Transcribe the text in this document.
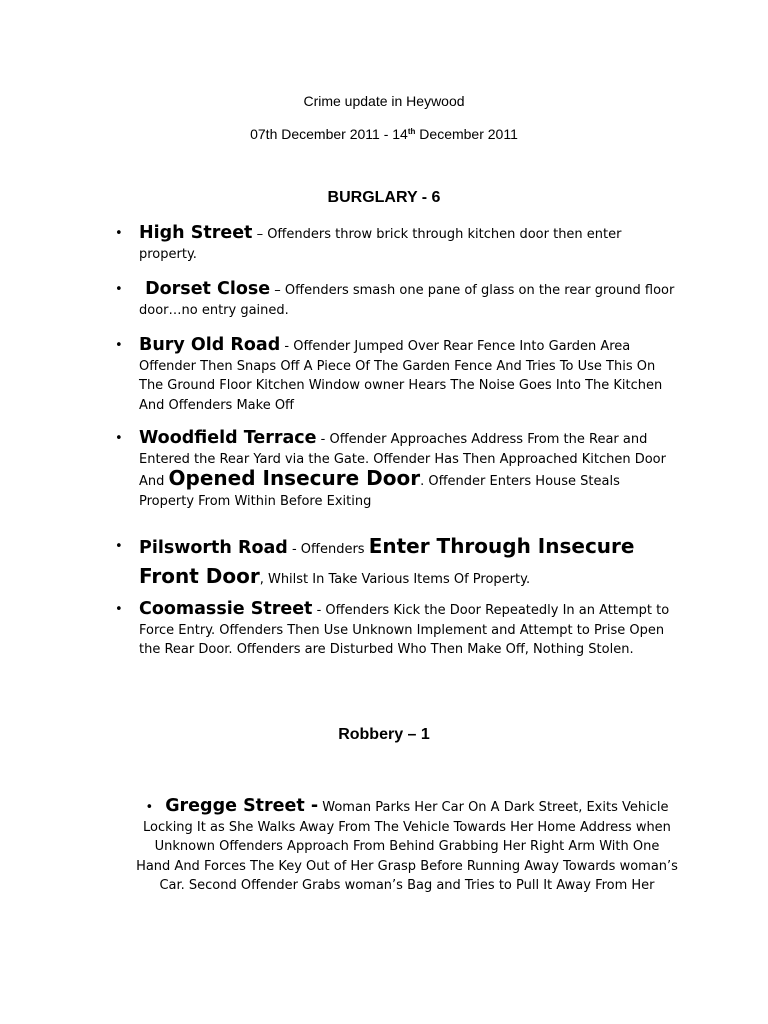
Crime update in Heywood
07th December 2011 - 14th December 2011
BURGLARY - 6
• High Street – Offenders throw brick through kitchen door then enter property.
• Dorset Close – Offenders smash one pane of glass on the rear ground floor door…no entry gained.
• Bury Old Road - Offender Jumped Over Rear Fence Into Garden Area Offender Then Snaps Off A Piece Of The Garden Fence And Tries To Use This On The Ground Floor Kitchen Window owner Hears The Noise Goes Into The Kitchen And Offenders Make Off
• Woodfield Terrace - Offender Approaches Address From the Rear and Entered the Rear Yard via the Gate. Offender Has Then Approached Kitchen Door And Opened Insecure Door. Offender Enters House Steals Property From Within Before Exiting
• Pilsworth Road - Offenders Enter Through Insecure Front Door, Whilst In Take Various Items Of Property.
• Coomassie Street - Offenders Kick the Door Repeatedly In an Attempt to Force Entry. Offenders Then Use Unknown Implement and Attempt to Prise Open the Rear Door. Offenders are Disturbed Who Then Make Off, Nothing Stolen.
Robbery – 1
• Gregge Street - Woman Parks Her Car On A Dark Street, Exits Vehicle Locking It as She Walks Away From The Vehicle Towards Her Home Address when Unknown Offenders Approach From Behind Grabbing Her Right Arm With One Hand And Forces The Key Out of Her Grasp Before Running Away Towards woman’s Car. Second Offender Grabs woman’s Bag and Tries to Pull It Away From Her
